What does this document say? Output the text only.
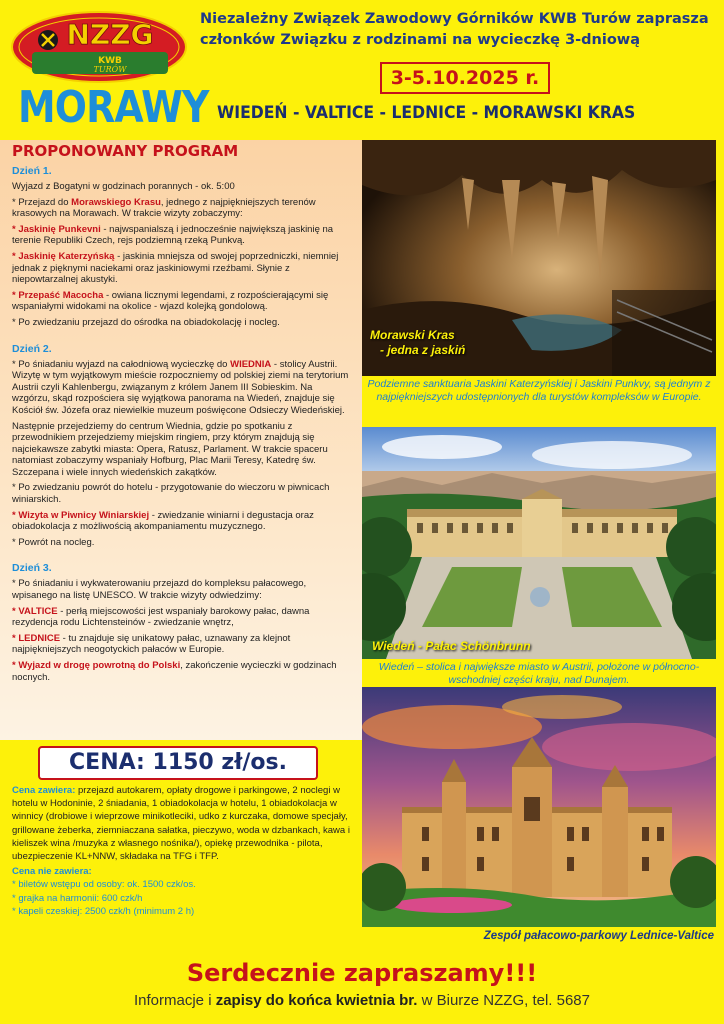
NZZG
KWB
TURÓW
Niezależny Związek Zawodowy Górników KWB Turów zaprasza
członków Związku z rodzinami na wycieczkę 3-dniową
3-5.10.2025 r.
MORAWY WIEDEŃ - VALTICE - LEDNICE - MORAWSKI KRAS
PROPONOWANY PROGRAM
Dzień 1.
Wyjazd z Bogatyni w godzinach porannych - ok. 5:00
* Przejazd do Morawskiego Krasu, jednego z najpiękniejszych terenów krasowych na Morawach. W trakcie wizyty zobaczymy:
* Jaskinię Punkevni - najwspanialszą i jednocześnie największą jaskinię na terenie Republiki Czech, rejs podziemną rzeką Punkvą.
* Jaskinię Katerzyńską - jaskinia mniejsza od swojej poprzedniczki, niemniej jednak z pięknymi naciekami oraz jaskiniowymi rzeźbami. Słynie z niepowtarzalnej akustyki.
* Przepaść Macocha - owiana licznymi legendami, z rozpościerającymi się wspaniałymi widokami na okolice - wjazd kolejką gondolową.
* Po zwiedzaniu przejazd do ośrodka na obiadokolację i nocleg.
Dzień 2.
* Po śniadaniu wyjazd na całodniową wycieczkę do WIEDNIA - stolicy Austrii. Wizytę w tym wyjątkowym mieście rozpoczniemy od polskiej ziemi na terytorium Austrii czyli Kahlenbergu, związanym z królem Janem III Sobieskim. Na wzgórzu, skąd rozpościera się wyjątkowa panorama na Wiedeń, znajduje się Kościół św. Józefa oraz niewielkie muzeum poświęcone Odsieczy Wiedeńskiej.
Następnie przejedziemy do centrum Wiednia, gdzie po spotkaniu z przewodnikiem przejedziemy miejskim ringiem, przy którym znajdują się najciekawsze zabytki miasta: Opera, Ratusz, Parlament. W trakcie spaceru natomiast zobaczymy wspaniały Hofburg, Plac Marii Teresy, Katedrę św. Szczepana i wiele innych wiedeńskich zakątków.
* Po zwiedzaniu powrót do hotelu - przygotowanie do wieczoru w piwnicach winiarskich.
* Wizyta w Piwnicy Winiarskiej - zwiedzanie winiarni i degustacja oraz obiadokolacja z możliwością akompaniamentu muzycznego.
* Powrót na nocleg.
Dzień 3.
* Po śniadaniu i wykwaterowaniu przejazd do kompleksu pałacowego, wpisanego na listę UNESCO. W trakcie wizyty odwiedzimy:
* VALTICE - perłą miejscowości jest wspaniały barokowy pałac, dawna rezydencja rodu Lichtensteinów - zwiedzanie wnętrz,
* LEDNICE - tu znajduje się unikatowy pałac, uznawany za klejnot najpiękniejszych neogotyckich pałaców w Europie.
* Wyjazd w drogę powrotną do Polski, zakończenie wycieczki w godzinach nocnych.
CENA: 1150 zł/os.
Cena zawiera: przejazd autokarem, opłaty drogowe i parkingowe, 2 noclegi w hotelu w Hodoninie, 2 śniadania, 1 obiadokolacja w hotelu, 1 obiadokolacja w winnicy (drobiowe i wieprzowe minikotleciki, udko z kurczaka, domowe specjały, grillowane żeberka, ziemniaczana sałatka, pieczywo, woda w dzbankach, kawa i kieliszek wina /muzyka z własnego nośnika/), opiekę przewodnika - pilota, ubezpieczenie KL+NNW, składaka na TFG i TFP.
Cena nie zawiera:
* biletów wstępu od osoby: ok. 1500 czk/os.
* grajka na harmonii: 600 czk/h
* kapeli czeskiej: 2500 czk/h (minimum 2 h)
Morawski Kras
- jedna z jaskiń
Podziemne sanktuaria Jaskini Katerzyńskiej i Jaskini Punkvy, są jednym z najpiękniejszych udostępnionych dla turystów kompleksów w Europie.
Wiedeń - Pałac Schönbrunn
Wiedeń – stolica i największe miasto w Austrii, położone w północno-wschodniej części kraju, nad Dunajem.
Zespół pałacowo-parkowy Lednice-Valtice
Serdecznie zapraszamy!!!
Informacje i zapisy do końca kwietnia br. w Biurze NZZG, tel. 5687
